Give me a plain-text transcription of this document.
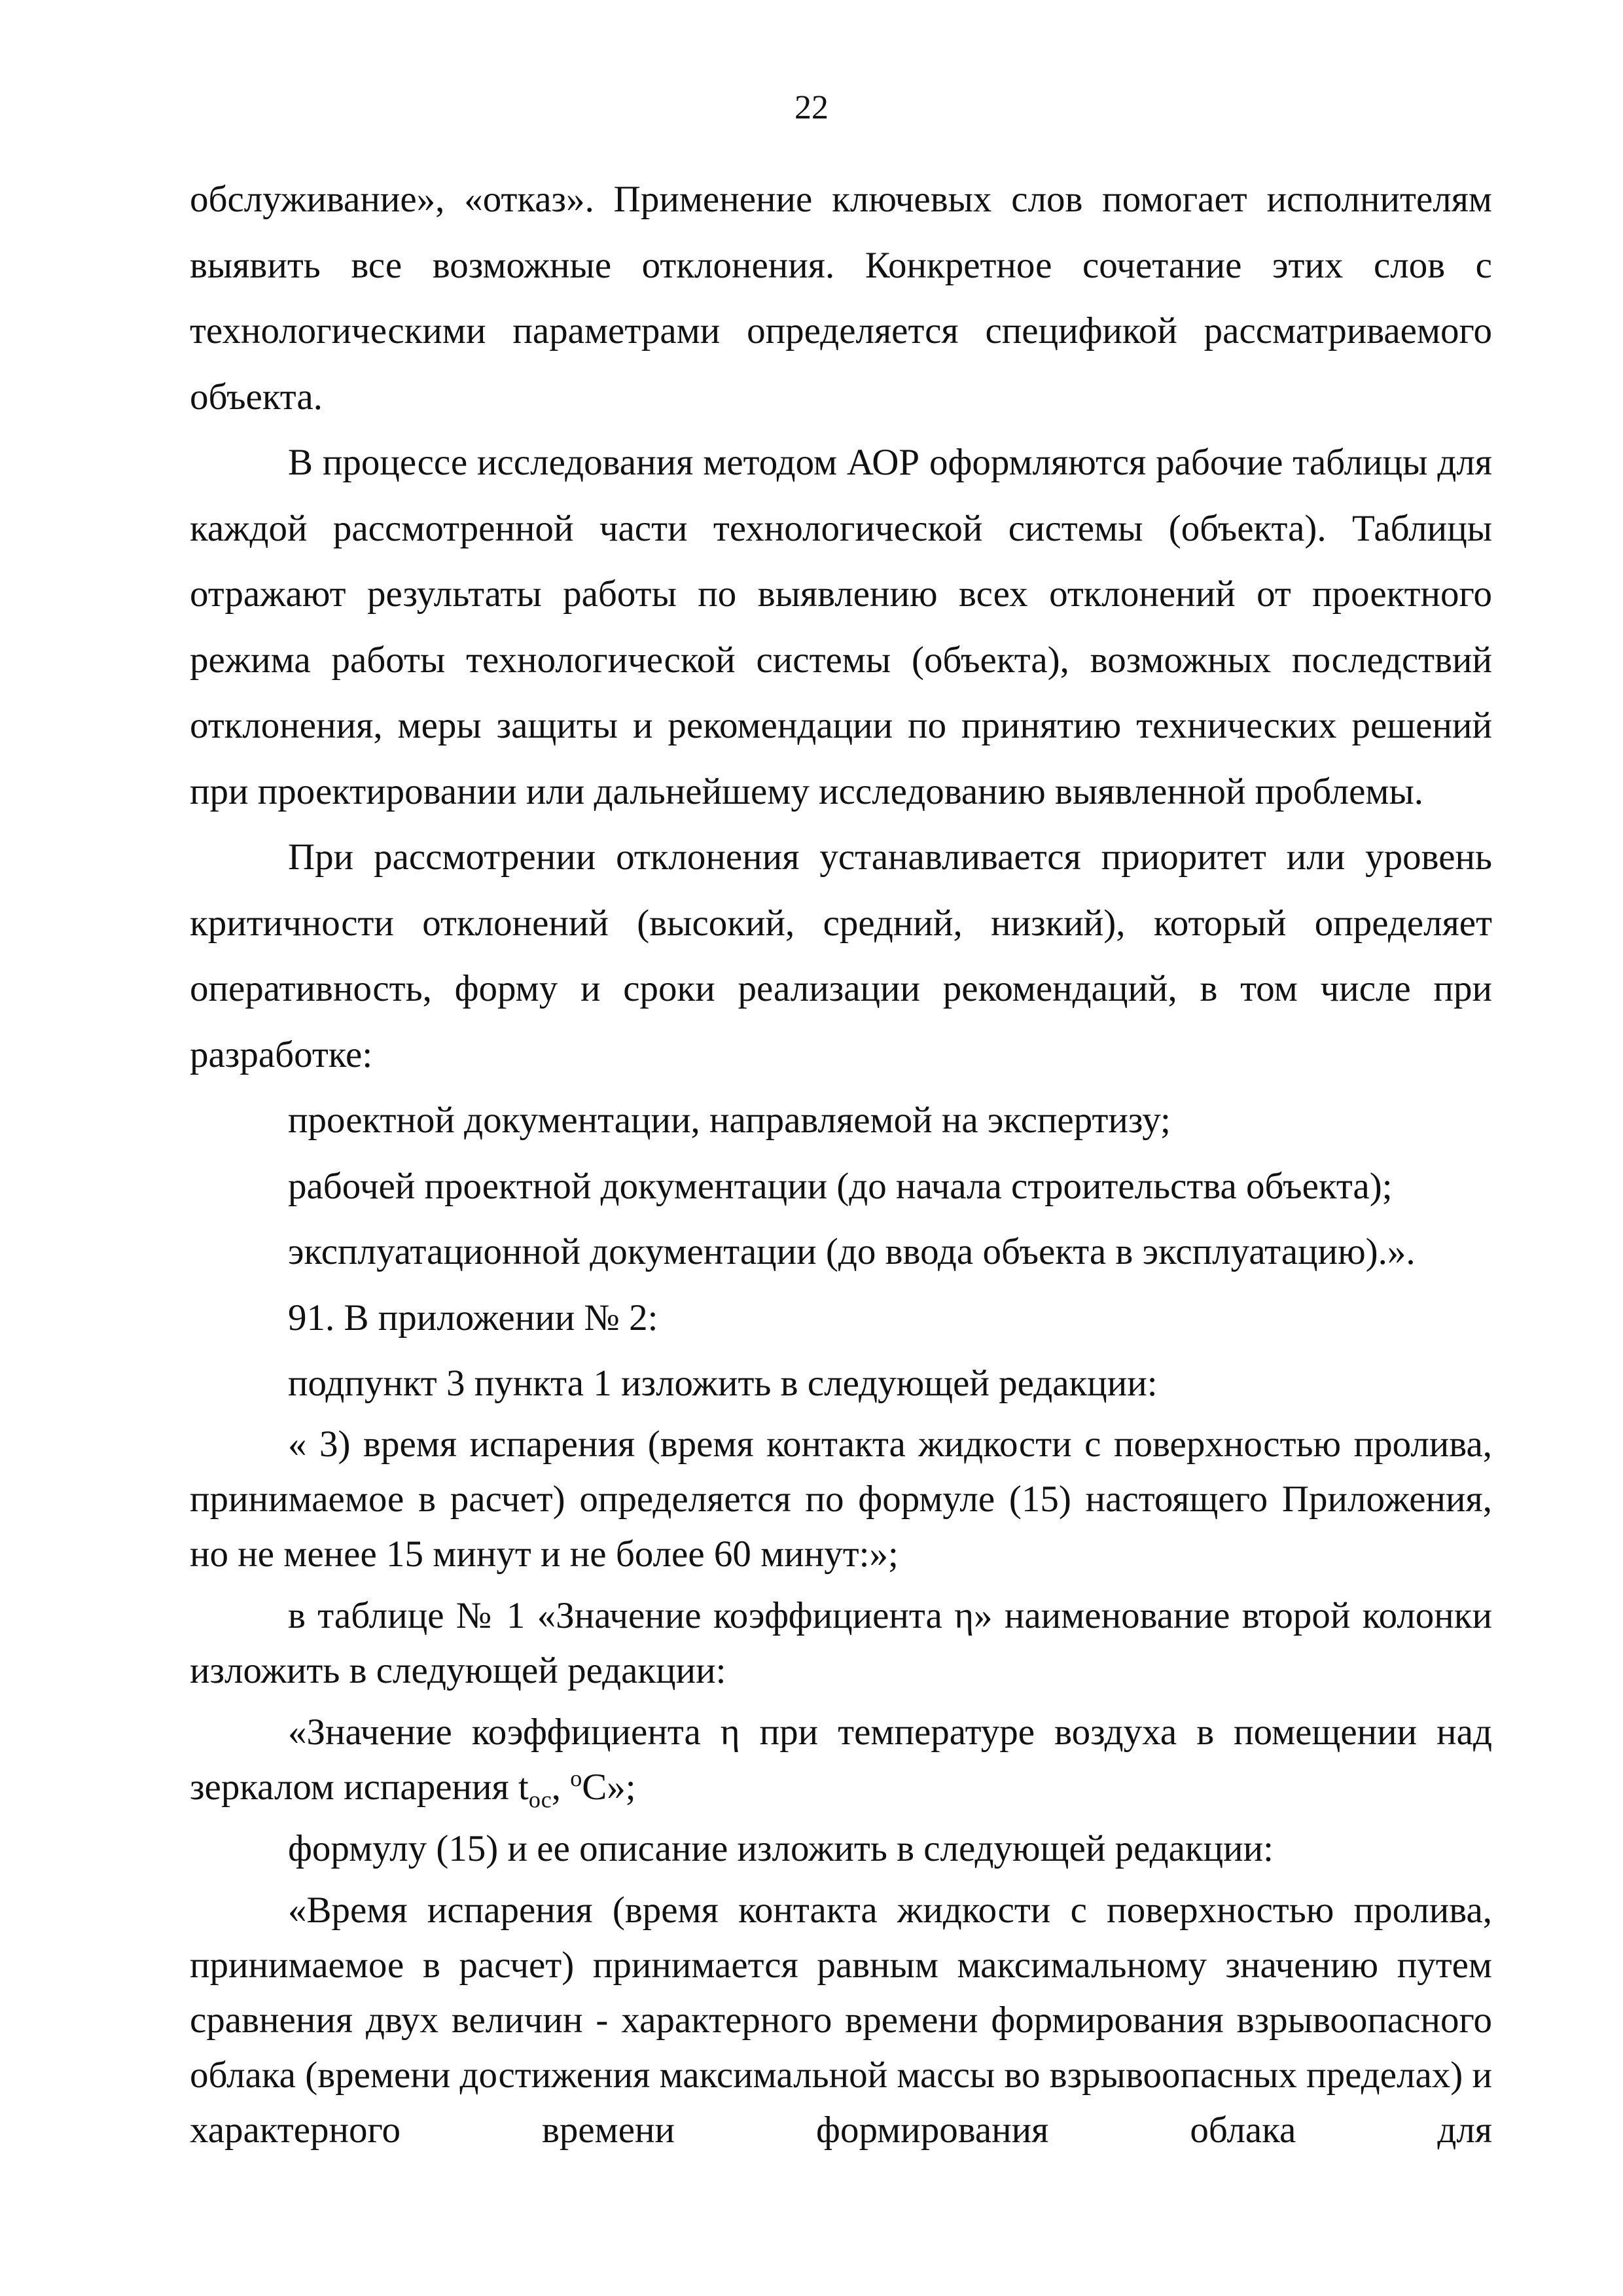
22

обслуживание», «отказ». Применение ключевых слов помогает исполнителям выявить все возможные отклонения. Конкретное сочетание этих слов с технологическими параметрами определяется спецификой рассматриваемого объекта.

В процессе исследования методом АОР оформляются рабочие таблицы для каждой рассмотренной части технологической системы (объекта). Таблицы отражают результаты работы по выявлению всех отклонений от проектного режима работы технологической системы (объекта), возможных последствий отклонения, меры защиты и рекомендации по принятию технических решений при проектировании или дальнейшему исследованию выявленной проблемы.

При рассмотрении отклонения устанавливается приоритет или уровень критичности отклонений (высокий, средний, низкий), который определяет оперативность, форму и сроки реализации рекомендаций, в том числе при разработке:

проектной документации, направляемой на экспертизу;

рабочей проектной документации (до начала строительства объекта);

эксплуатационной документации (до ввода объекта в эксплуатацию).».

91. В приложении № 2:

подпункт 3 пункта 1 изложить в следующей редакции:

« 3) время испарения (время контакта жидкости с поверхностью пролива, принимаемое в расчет) определяется по формуле (15) настоящего Приложения, но не менее 15 минут и не более 60 минут:»;

в таблице № 1 «Значение коэффициента η» наименование второй колонки изложить в следующей редакции:

«Значение коэффициента η при температуре воздуха в помещении над зеркалом испарения $t_{ос}$, $^о$С»;

формулу (15) и ее описание изложить в следующей редакции:

«Время испарения (время контакта жидкости с поверхностью пролива, принимаемое в расчет) принимается равным максимальному значению путем сравнения двух величин - характерного времени формирования взрывоопасного облака (времени достижения максимальной массы во взрывоопасных пределах) и характерного времени формирования облака для
